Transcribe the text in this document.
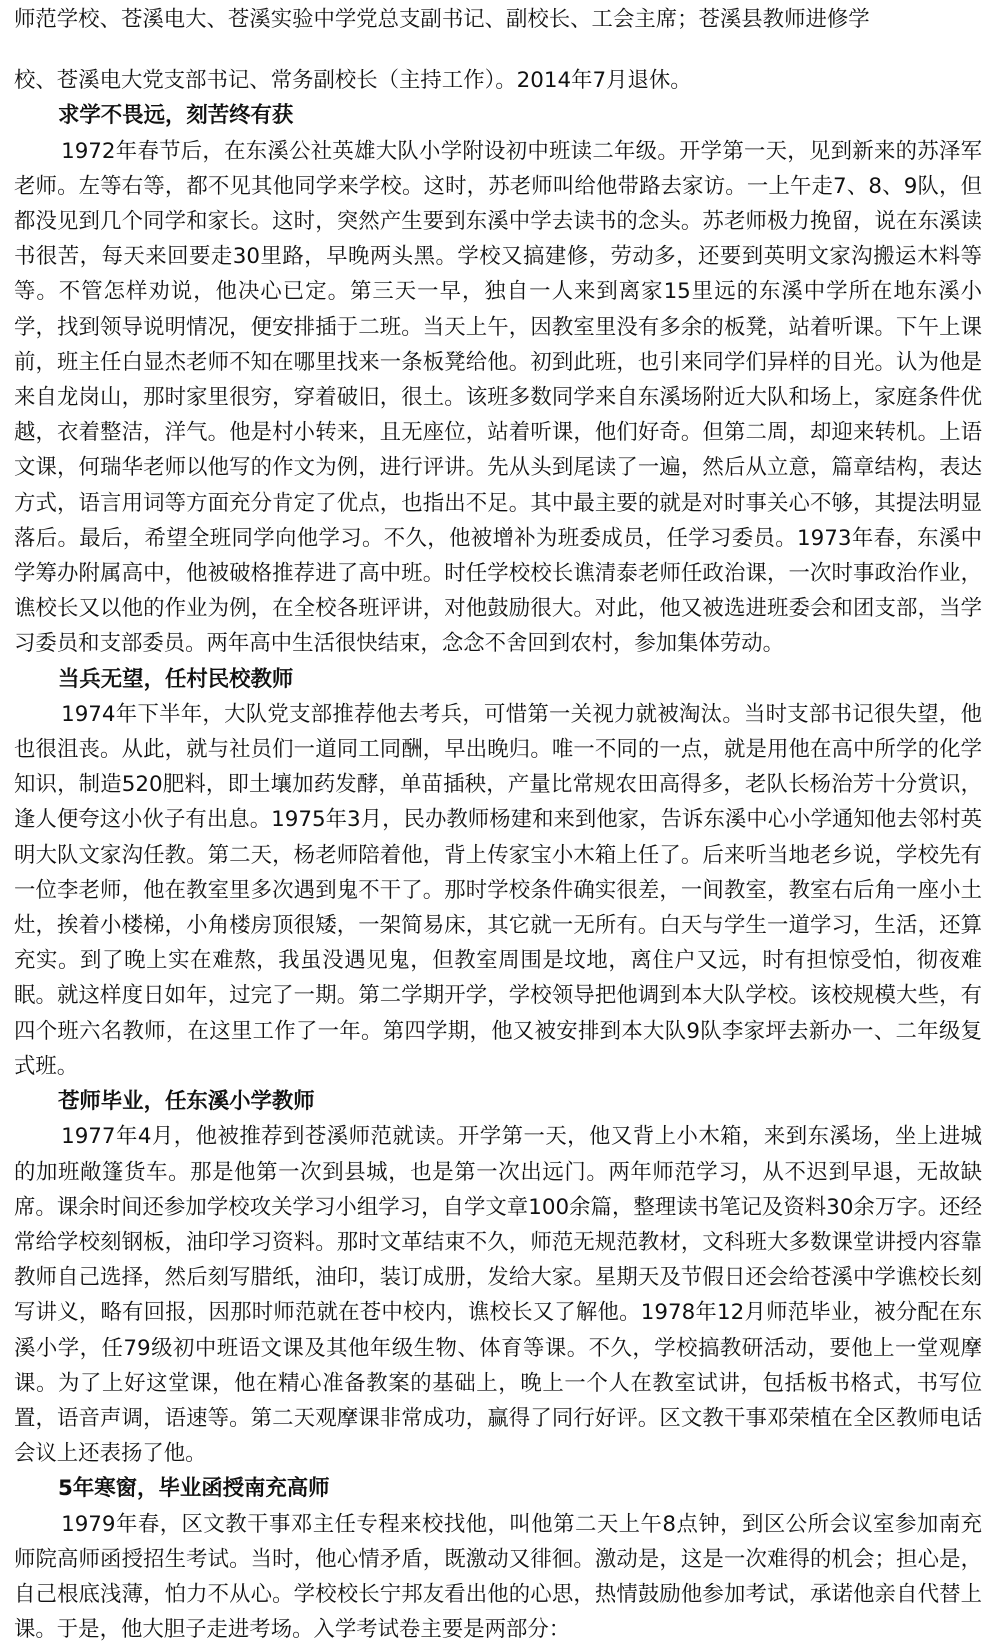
师范学校、苍溪电大、苍溪实验中学党总支副书记、副校长、工会主席；苍溪县教师进修学

校、苍溪电大党支部书记、常务副校长（主持工作）。2014年7月退休。

求学不畏远，刻苦终有获

1972年春节后，在东溪公社英雄大队小学附设初中班读二年级。开学第一天，见到新来的苏泽军老师。左等右等，都不见其他同学来学校。这时，苏老师叫给他带路去家访。一上午走7、8、9队，但都没见到几个同学和家长。这时，突然产生要到东溪中学去读书的念头。苏老师极力挽留，说在东溪读书很苦，每天来回要走30里路，早晚两头黑。学校又搞建修，劳动多，还要到英明文家沟搬运木料等等。不管怎样劝说，他决心已定。第三天一早，独自一人来到离家15里远的东溪中学所在地东溪小学，找到领导说明情况，便安排插于二班。当天上午，因教室里没有多余的板凳，站着听课。下午上课前，班主任白显杰老师不知在哪里找来一条板凳给他。初到此班，也引来同学们异样的目光。认为他是来自龙岗山，那时家里很穷，穿着破旧，很土。该班多数同学来自东溪场附近大队和场上，家庭条件优越，衣着整洁，洋气。他是村小转来，且无座位，站着听课，他们好奇。但第二周，却迎来转机。上语文课，何瑞华老师以他写的作文为例，进行评讲。先从头到尾读了一遍，然后从立意，篇章结构，表达方式，语言用词等方面充分肯定了优点，也指出不足。其中最主要的就是对时事关心不够，其提法明显落后。最后，希望全班同学向他学习。不久，他被增补为班委成员，任学习委员。1973年春，东溪中学筹办附属高中，他被破格推荐进了高中班。时任学校校长谯清泰老师任政治课，一次时事政治作业，谯校长又以他的作业为例，在全校各班评讲，对他鼓励很大。对此，他又被选进班委会和团支部，当学习委员和支部委员。两年高中生活很快结束，念念不舍回到农村，参加集体劳动。

当兵无望，任村民校教师

1974年下半年，大队党支部推荐他去考兵，可惜第一关视力就被淘汰。当时支部书记很失望，他也很沮丧。从此，就与社员们一道同工同酬，早出晚归。唯一不同的一点，就是用他在高中所学的化学知识，制造520肥料，即土壤加药发酵，单苗插秧，产量比常规农田高得多，老队长杨治芳十分赏识，逢人便夸这小伙子有出息。1975年3月，民办教师杨建和来到他家，告诉东溪中心小学通知他去邻村英明大队文家沟任教。第二天，杨老师陪着他，背上传家宝小木箱上任了。后来听当地老乡说，学校先有一位李老师，他在教室里多次遇到鬼不干了。那时学校条件确实很差，一间教室，教室右后角一座小土灶，挨着小楼梯，小角楼房顶很矮，一架简易床，其它就一无所有。白天与学生一道学习，生活，还算充实。到了晚上实在难熬，我虽没遇见鬼，但教室周围是坟地，离住户又远，时有担惊受怕，彻夜难眠。就这样度日如年，过完了一期。第二学期开学，学校领导把他调到本大队学校。该校规模大些，有四个班六名教师，在这里工作了一年。第四学期，他又被安排到本大队9队李家坪去新办一、二年级复式班。

苍师毕业，任东溪小学教师

1977年4月，他被推荐到苍溪师范就读。开学第一天，他又背上小木箱，来到东溪场，坐上进城的加班敞篷货车。那是他第一次到县城，也是第一次出远门。两年师范学习，从不迟到早退，无故缺席。课余时间还参加学校攻关学习小组学习，自学文章100余篇，整理读书笔记及资料30余万字。还经常给学校刻钢板，油印学习资料。那时文革结束不久，师范无规范教材，文科班大多数课堂讲授内容靠教师自己选择，然后刻写腊纸，油印，装订成册，发给大家。星期天及节假日还会给苍溪中学谯校长刻写讲义，略有回报，因那时师范就在苍中校内，谯校长又了解他。1978年12月师范毕业，被分配在东溪小学，任79级初中班语文课及其他年级生物、体育等课。不久，学校搞教研活动，要他上一堂观摩课。为了上好这堂课，他在精心准备教案的基础上，晚上一个人在教室试讲，包括板书格式，书写位置，语音声调，语速等。第二天观摩课非常成功，赢得了同行好评。区文教干事邓荣植在全区教师电话会议上还表扬了他。

5年寒窗，毕业函授南充高师

1979年春，区文教干事邓主任专程来校找他，叫他第二天上午8点钟，到区公所会议室参加南充师院高师函授招生考试。当时，他心情矛盾，既激动又徘徊。激动是，这是一次难得的机会；担心是，自己根底浅薄，怕力不从心。学校校长宁邦友看出他的心思，热情鼓励他参加考试，承诺他亲自代替上课。于是，他大胆子走进考场。入学考试卷主要是两部分：
